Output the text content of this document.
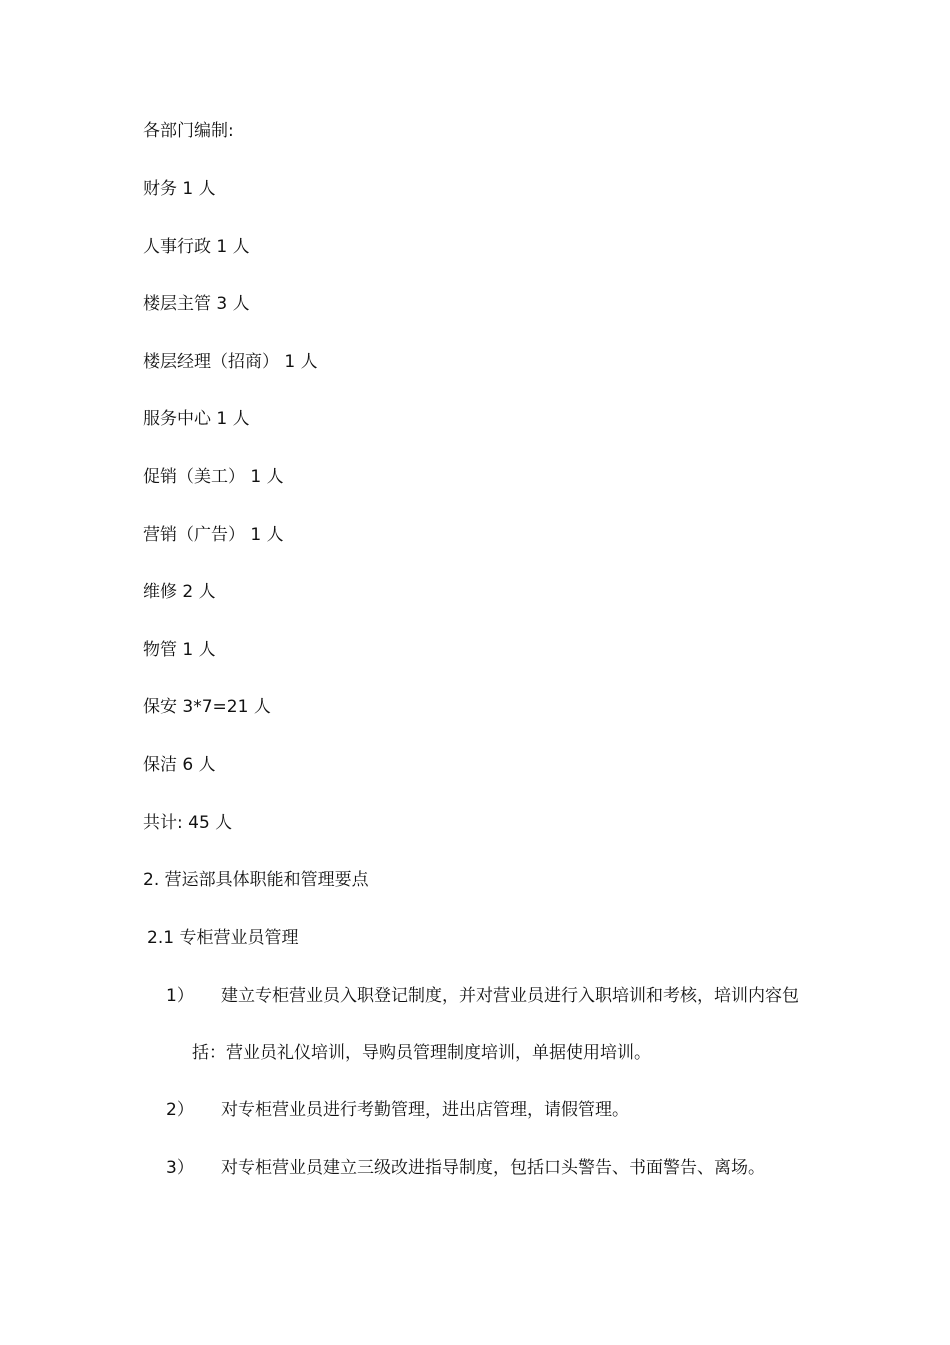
各部门编制:
财务 1 人
人事行政 1 人
楼层主管 3 人
楼层经理（招商） 1 人
服务中心 1 人
促销（美工） 1 人
营销（广告） 1 人
维修 2 人
物管 1 人
保安 3*7=21 人
保洁 6 人
共计: 45 人
2. 营运部具体职能和管理要点
2.1 专柜营业员管理
1） 建立专柜营业员入职登记制度，并对营业员进行入职培训和考核，培训内容包
括：营业员礼仪培训，导购员管理制度培训，单据使用培训。
2） 对专柜营业员进行考勤管理，进出店管理，请假管理。
3） 对专柜营业员建立三级改进指导制度，包括口头警告、书面警告、离场。
